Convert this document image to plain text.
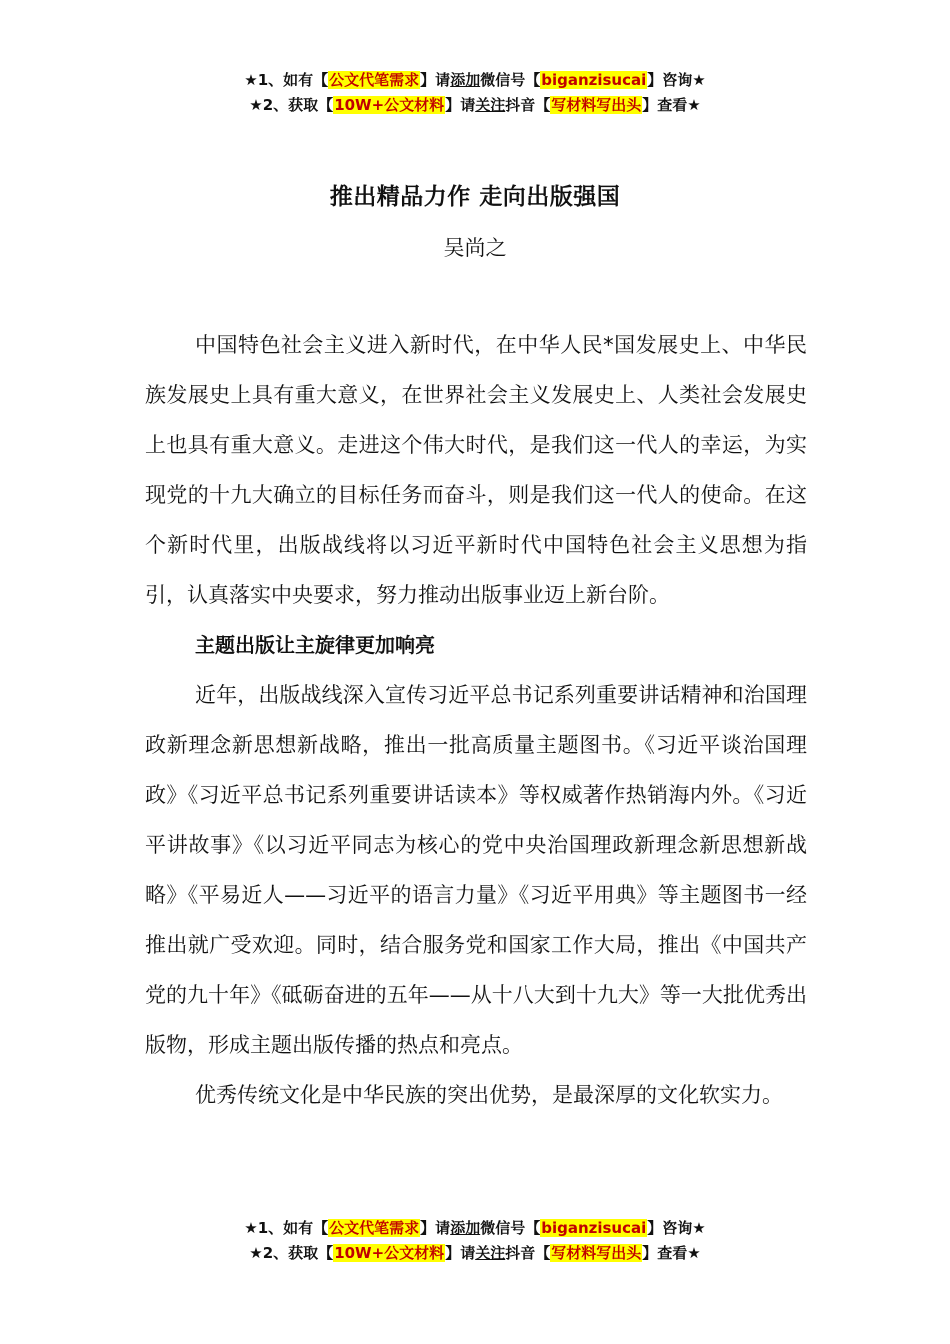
★1、如有【公文代笔需求】请添加微信号【biganzisucai】咨询★
★2、获取【10W+公文材料】请关注抖音【写材料写出头】查看★
推出精品力作 走向出版强国
吴尚之

中国特色社会主义进入新时代，在中华人民*国发展史上、中华民族发展史上具有重大意义，在世界社会主义发展史上、人类社会发展史上也具有重大意义。走进这个伟大时代，是我们这一代人的幸运，为实现党的十九大确立的目标任务而奋斗，则是我们这一代人的使命。在这个新时代里，出版战线将以习近平新时代中国特色社会主义思想为指引，认真落实中央要求，努力推动出版事业迈上新台阶。

主题出版让主旋律更加响亮

近年，出版战线深入宣传习近平总书记系列重要讲话精神和治国理政新理念新思想新战略，推出一批高质量主题图书。《习近平谈治国理政》《习近平总书记系列重要讲话读本》等权威著作热销海内外。《习近平讲故事》《以习近平同志为核心的党中央治国理政新理念新思想新战略》《平易近人——习近平的语言力量》《习近平用典》等主题图书一经推出就广受欢迎。同时，结合服务党和国家工作大局，推出《中国共产党的九十年》《砥砺奋进的五年——从十八大到十九大》等一大批优秀出版物，形成主题出版传播的热点和亮点。

优秀传统文化是中华民族的突出优势，是最深厚的文化软实力。

★1、如有【公文代笔需求】请添加微信号【biganzisucai】咨询★
★2、获取【10W+公文材料】请关注抖音【写材料写出头】查看★
